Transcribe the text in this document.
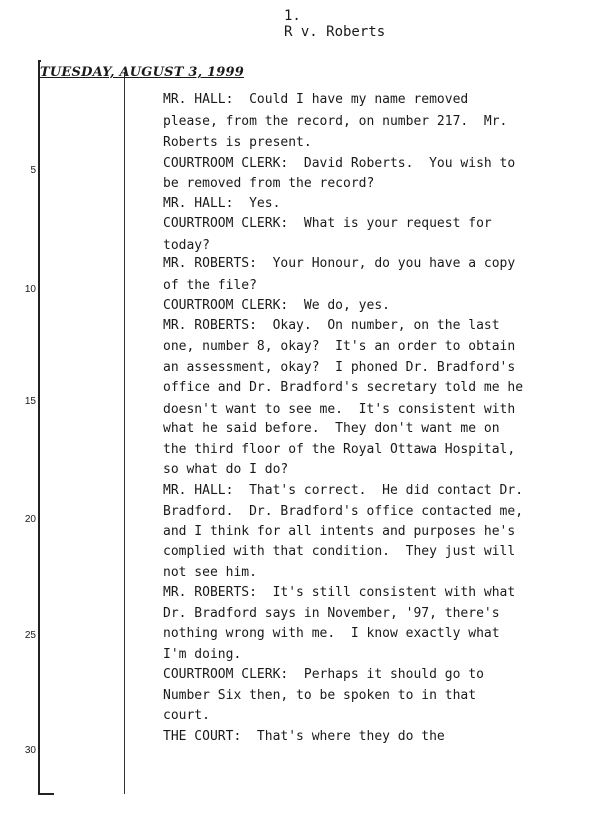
1.
R v. Roberts
TUESDAY, AUGUST 3, 1999
5
10
15
20
25
30
MR. HALL:  Could I have my name removed
please, from the record, on number 217.  Mr.
Roberts is present.
COURTROOM CLERK:  David Roberts.  You wish to
be removed from the record?
MR. HALL:  Yes.
COURTROOM CLERK:  What is your request for
today?
MR. ROBERTS:  Your Honour, do you have a copy
of the file?
COURTROOM CLERK:  We do, yes.
MR. ROBERTS:  Okay.  On number, on the last
one, number 8, okay?  It's an order to obtain
an assessment, okay?  I phoned Dr. Bradford's
office and Dr. Bradford's secretary told me he
doesn't want to see me.  It's consistent with
what he said before.  They don't want me on
the third floor of the Royal Ottawa Hospital,
so what do I do?
MR. HALL:  That's correct.  He did contact Dr.
Bradford.  Dr. Bradford's office contacted me,
and I think for all intents and purposes he's
complied with that condition.  They just will
not see him.
MR. ROBERTS:  It's still consistent with what
Dr. Bradford says in November, '97, there's
nothing wrong with me.  I know exactly what
I'm doing.
COURTROOM CLERK:  Perhaps it should go to
Number Six then, to be spoken to in that
court.
THE COURT:  That's where they do the
